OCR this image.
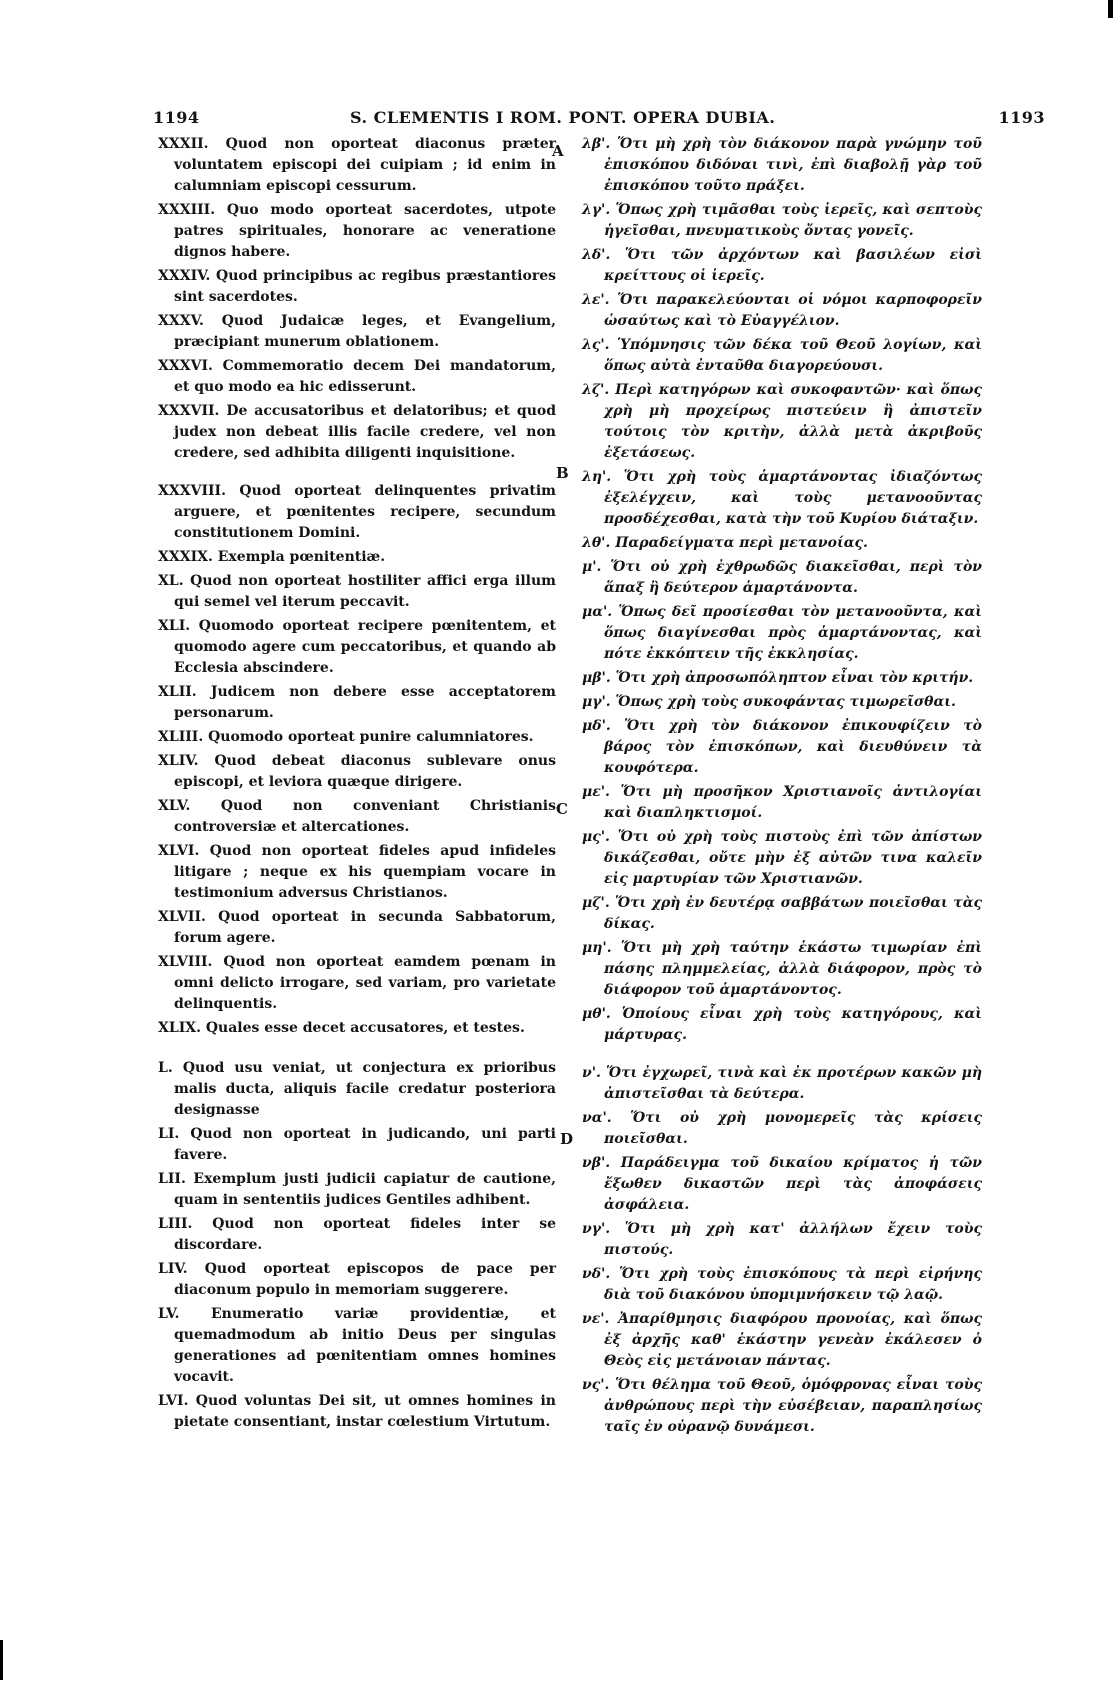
1194	S. CLEMENTIS I ROM. PONT. OPERA DUBIA.	1193
A
B
C
D

XXXII. Quod non oporteat diaconus præter voluntatem episcopi dei cuipiam ; id enim in calumniam episcopi cessurum.

XXXIII. Quo modo oporteat sacerdotes, utpote patres spirituales, honorare ac veneratione dignos habere.

XXXIV. Quod principibus ac regibus præstantiores sint sacerdotes.

XXXV. Quod Judaicæ leges, et Evangelium, præcipiant munerum oblationem.

XXXVI. Commemoratio decem Dei mandatorum, et quo modo ea hic edisserunt.

XXXVII. De accusatoribus et delatoribus; et quod judex non debeat illis facile credere, vel non credere, sed adhibita diligenti inquisitione.

XXXVIII. Quod oporteat delinquentes privatim arguere, et pœnitentes recipere, secundum constitutionem Domini.

XXXIX. Exempla pœnitentiæ.

XL. Quod non oporteat hostiliter affici erga illum qui semel vel iterum peccavit.

XLI. Quomodo oporteat recipere pœnitentem, et quomodo agere cum peccatoribus, et quando ab Ecclesia abscindere.

XLII. Judicem non debere esse acceptatorem personarum.

XLIII. Quomodo oporteat punire calumniatores.

XLIV. Quod debeat diaconus sublevare onus episcopi, et leviora quæque dirigere.

XLV. Quod non conveniant Christianis controversiæ et altercationes.

XLVI. Quod non oporteat fideles apud infideles litigare ; neque ex his quempiam vocare in testimonium adversus Christianos.

XLVII. Quod oporteat in secunda Sabbatorum, forum agere.

XLVIII. Quod non oporteat eamdem pœnam in omni delicto irrogare, sed variam, pro varietate delinquentis.

XLIX. Quales esse decet accusatores, et testes.

L. Quod usu veniat, ut conjectura ex prioribus malis ducta, aliquis facile credatur posteriora designasse

LI. Quod non oporteat in judicando, uni parti favere.

LII. Exemplum justi judicii capiatur de cautione, quam in sententiis judices Gentiles adhibent.

LIII. Quod non oporteat fideles inter se discordare.

LIV. Quod oporteat episcopos de pace per diaconum populo in memoriam suggerere.

LV. Enumeratio variæ providentiæ, et quemadmodum ab initio Deus per singulas generationes ad pœnitentiam omnes homines vocavit.

LVI. Quod voluntas Dei sit, ut omnes homines in pietate consentiant, instar cœlestium Virtutum.

λβ'. Ὅτι μὴ χρὴ τὸν διάκονον παρὰ γνώμην τοῦ ἐπισκόπου διδόναι τινὶ, ἐπὶ διαβολῇ γὰρ τοῦ ἐπισκόπου τοῦτο πράξει.

λγ'. Ὅπως χρὴ τιμᾶσθαι τοὺς ἱερεῖς, καὶ σεπτοὺς ἡγεῖσθαι, πνευματικοὺς ὄντας γονεῖς.

λδ'. Ὅτι τῶν ἀρχόντων καὶ βασιλέων εἰσὶ κρείττους οἱ ἱερεῖς.

λε'. Ὅτι παρακελεύονται οἱ νόμοι καρποφορεῖν ὡσαύτως καὶ τὸ Εὐαγγέλιον.

λς'. Ὑπόμνησις τῶν δέκα τοῦ Θεοῦ λογίων, καὶ ὅπως αὐτὰ ἐνταῦθα διαγορεύουσι.

λζ'. Περὶ κατηγόρων καὶ συκοφαντῶν· καὶ ὅπως χρὴ μὴ προχείρως πιστεύειν ἢ ἀπιστεῖν τούτοις τὸν κριτὴν, ἀλλὰ μετὰ ἀκριβοῦς ἐξετάσεως.

λη'. Ὅτι χρὴ τοὺς ἁμαρτάνοντας ἰδιαζόντως ἐξελέγχειν, καὶ τοὺς μετανοοῦντας προσδέχεσθαι, κατὰ τὴν τοῦ Κυρίου διάταξιν.

λθ'. Παραδείγματα περὶ μετανοίας.

μ'. Ὅτι οὐ χρὴ ἐχθρωδῶς διακεῖσθαι, περὶ τὸν ἅπαξ ἢ δεύτερον ἁμαρτάνοντα.

μα'. Ὅπως δεῖ προσίεσθαι τὸν μετανοοῦντα, καὶ ὅπως διαγίνεσθαι πρὸς ἁμαρτάνοντας, καὶ πότε ἐκκόπτειν τῆς ἐκκλησίας.

μβ'. Ὅτι χρὴ ἀπροσωπόληπτον εἶναι τὸν κριτήν.

μγ'. Ὅπως χρὴ τοὺς συκοφάντας τιμωρεῖσθαι.

μδ'. Ὅτι χρὴ τὸν διάκονον ἐπικουφίζειν τὸ βάρος τὸν ἐπισκόπων, καὶ διευθύνειν τὰ κουφότερα.

με'. Ὅτι μὴ προσῆκον Χριστιανοῖς ἀντιλογίαι καὶ διαπληκτισμοί.

μς'. Ὅτι οὐ χρὴ τοὺς πιστοὺς ἐπὶ τῶν ἀπίστων δικάζεσθαι, οὔτε μὴν ἐξ αὐτῶν τινα καλεῖν εἰς μαρτυρίαν τῶν Χριστιανῶν.

μζ'. Ὅτι χρὴ ἐν δευτέρᾳ σαββάτων ποιεῖσθαι τὰς δίκας.

μη'. Ὅτι μὴ χρὴ ταύτην ἑκάστω τιμωρίαν ἐπὶ πάσης πλημμελείας, ἀλλὰ διάφορον, πρὸς τὸ διάφορον τοῦ ἁμαρτάνοντος.

μθ'. Ὁποίους εἶναι χρὴ τοὺς κατηγόρους, καὶ μάρτυρας.

ν'. Ὅτι ἐγχωρεῖ, τινὰ καὶ ἐκ προτέρων κακῶν μὴ ἀπιστεῖσθαι τὰ δεύτερα.

να'. Ὅτι οὐ χρὴ μονομερεῖς τὰς κρίσεις ποιεῖσθαι.

νβ'. Παράδειγμα τοῦ δικαίου κρίματος ἡ τῶν ἔξωθεν δικαστῶν περὶ τὰς ἀποφάσεις ἀσφάλεια.

νγ'. Ὅτι μὴ χρὴ κατ' ἀλλήλων ἔχειν τοὺς πιστούς.

νδ'. Ὅτι χρὴ τοὺς ἐπισκόπους τὰ περὶ εἰρήνης διὰ τοῦ διακόνου ὑπομιμνήσκειν τῷ λαῷ.

νε'. Ἀπαρίθμησις διαφόρου προνοίας, καὶ ὅπως ἐξ ἀρχῆς καθ' ἑκάστην γενεὰν ἐκάλεσεν ὁ Θεὸς εἰς μετάνοιαν πάντας.

νς'. Ὅτι θέλημα τοῦ Θεοῦ, ὁμόφρονας εἶναι τοὺς ἀνθρώπους περὶ τὴν εὐσέβειαν, παραπλησίως ταῖς ἐν οὐρανῷ δυνάμεσι.
